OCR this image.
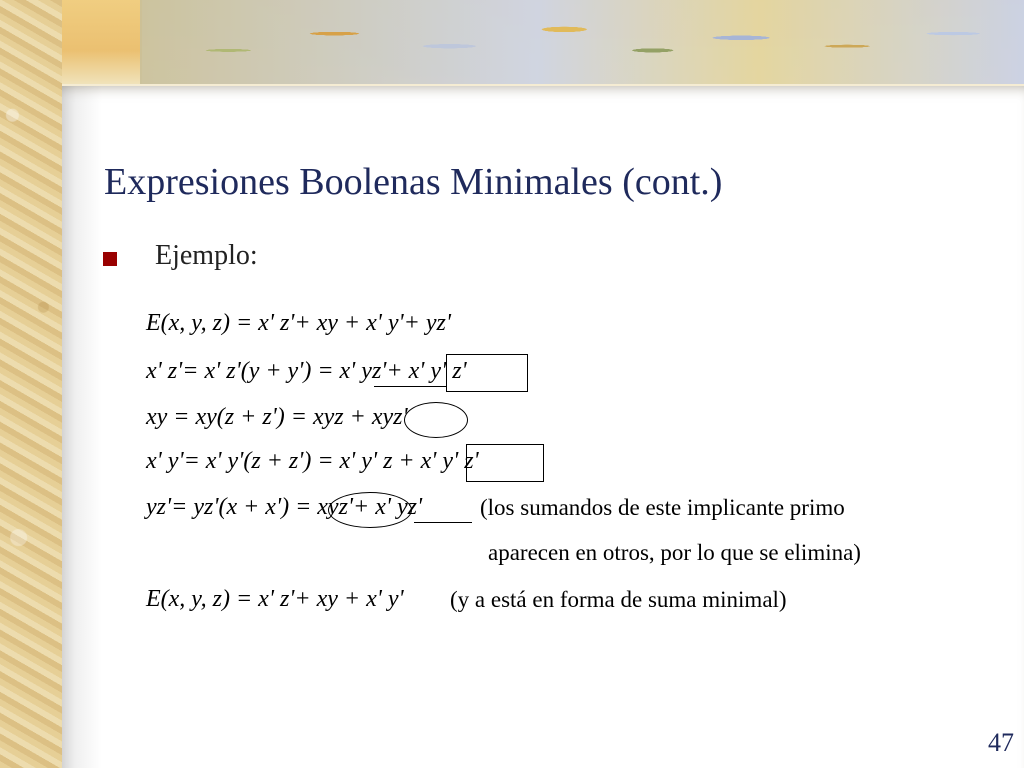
Expresiones Boolenas Minimales (cont.)
Ejemplo:
E(x, y, z) = x' z'+ xy + x' y'+ yz'
x' z'= x' z'(y + y') = x' yz'+ x' y' z'
xy = xy(z + z') = xyz + xyz'
x' y'= x' y'(z + z') = x' y' z + x' y' z'
yz'= yz'(x + x') = xyz'+ x' yz'	(los sumandos de este implicante primo
aparecen en otros, por lo que se elimina)
E(x, y, z) = x' z'+ xy + x' y' (y a está en forma de suma minimal)
47
